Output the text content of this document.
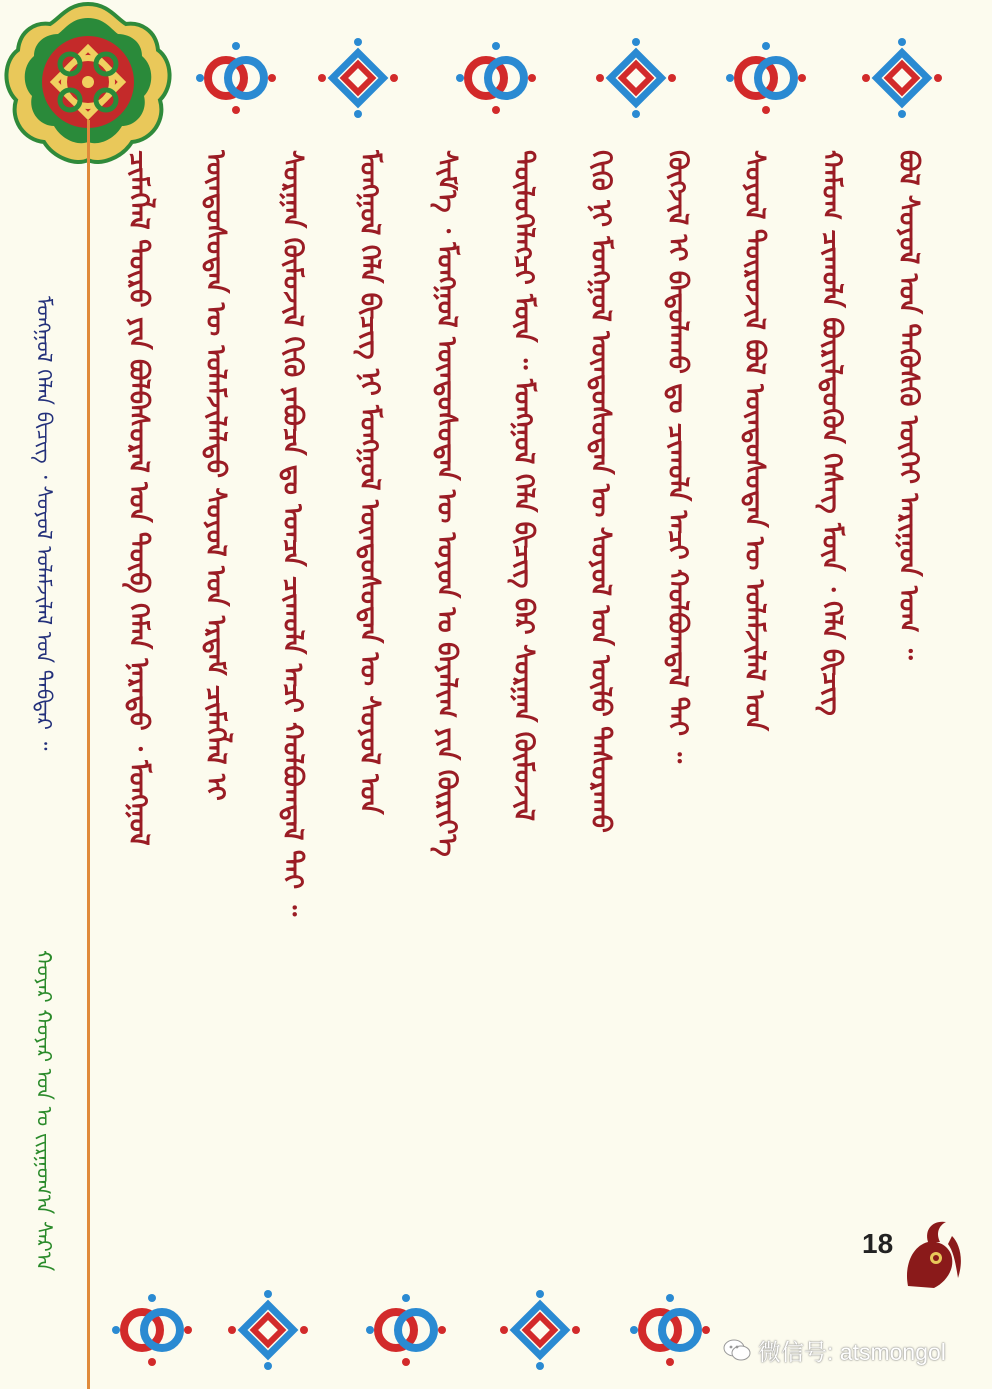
ᠮᠣᠩᠭᠣᠯ ᠬᠡᠯᠡᠨ ᠪᠢᠴᠢᠭ᠌ ᠂ ᠰᠣᠶᠣᠯ ᠤᠯᠠᠮᠵᠢᠯᠠᠯ ᠤᠨ ᠳᠡᠪᠲᠡᠷ ᠃
ᠬᠣᠶᠠᠷ ᠬᠣᠶᠠᠷ ᠣᠨ ᠤ ᠵᠢᠷᠭᠤᠭ᠎ᠠ ᠰᠠᠷ᠎ᠠ
ᠴᠢᠮᠡᠭᠯᠡᠯ ᠲᠥᠷᠥ ᠶᠢᠨ ᠪᠣᠯᠪᠠᠰᠤᠷᠠᠯ ᠤᠨ ᠲᠥᠪ ᠬᠡᠮᠡᠨ ᠨᠡᠷᠡᠳᠦ ᠂ ᠮᠣᠩᠭᠣᠯ ᠦᠨᠳᠦᠰᠦᠲᠡᠨ ᠦ ᠤᠯᠠᠮᠵᠢᠯᠠᠯᠲᠤ ᠰᠣᠶᠣᠯ ᠤᠨ ᠡᠷᠳᠡᠮ ᠴᠢᠮᠡᠭᠯᠡᠯ ᠢ ᠰᠤᠷᠭᠠᠨ ᠬᠦᠮᠦᠵᠢᠯ ᠬᠢᠬᠦ ᠶᠠᠪᠤᠴᠠ ᠳᠤ ᠣᠨᠴᠠ ᠴᠢᠬᠤᠯᠠ ᠠᠴᠢ ᠬᠣᠯᠪᠣᠭᠳᠠᠯ ᠲᠠᠢ ᠃ ᠮᠣᠩᠭᠣᠯ ᠬᠡᠯᠡ ᠪᠢᠴᠢᠭ ᠨᠢ ᠮᠣᠩᠭᠣᠯ ᠦᠨᠳᠦᠰᠦᠲᠡᠨ ᠦ ᠰᠣᠶᠣᠯ ᠤᠨ ᠰᠢᠮ᠎ᠡ ᠂ ᠮᠣᠩᠭᠣᠯ ᠦᠨᠳᠦᠰᠦᠲᠡᠨ ᠦ ᠣᠶᠤᠨ ᠤ ᠪᠠᠶᠠᠯᠢᠭ ᠶᠢᠨ ᠬᠦᠷᠢᠶ᠎ᠡ ᠲᠥᠯᠥᠭᠡᠯᠡᠭᠴᠢ ᠮᠥᠨ ᠃ ᠮᠣᠩᠭᠣᠯ ᠬᠡᠯᠡ ᠪᠢᠴᠢᠭ ᠪᠡᠷ ᠰᠤᠷᠭᠠᠨ ᠬᠦᠮᠦᠵᠢᠯ ᠬᠢᠬᠦ ᠨᠢ ᠮᠣᠩᠭᠣᠯ ᠦᠨᠳᠦᠰᠦᠲᠡᠨ ᠦ ᠰᠣᠶᠣᠯ ᠤᠨ ᠦᠯᠦ ᠲᠠᠰᠤᠷᠠᠬᠤ ᠬᠥᠭᠵᠢᠯ ᠢ ᠪᠠᠲᠤᠯᠠᠬᠤ ᠳᠤ ᠴᠢᠬᠤᠯᠠ ᠠᠴᠢ ᠬᠣᠯᠪᠣᠭᠳᠠᠯ ᠲᠠᠢ ᠃ ᠰᠣᠶᠣᠯ ᠲᠥᠷᠦᠵᠢᠯ ᠪᠣᠯ ᠦᠨᠳᠦᠰᠦᠲᠡᠨ ᠦ ᠤᠯᠠᠮᠵᠢᠯᠠᠯ ᠤᠨ ᠬᠠᠮᠤᠭ ᠴᠢᠬᠤᠯᠠ ᠪᠦᠷᠢᠯᠳᠦᠬᠦᠨ ᠬᠡᠰᠡᠭ ᠮᠥᠨ ᠂ ᠬᠡᠯᠡ ᠪᠢᠴᠢᠭ ᠪᠣᠯ ᠰᠣᠶᠣᠯ ᠤᠨ ᠲᠡᠭᠦᠰᠬᠦ ᠦᠭᠡᠢ ᠠᠷᠢᠭᠤᠨ ᠤᠭ ᠃
18
微信号: atsmongol
